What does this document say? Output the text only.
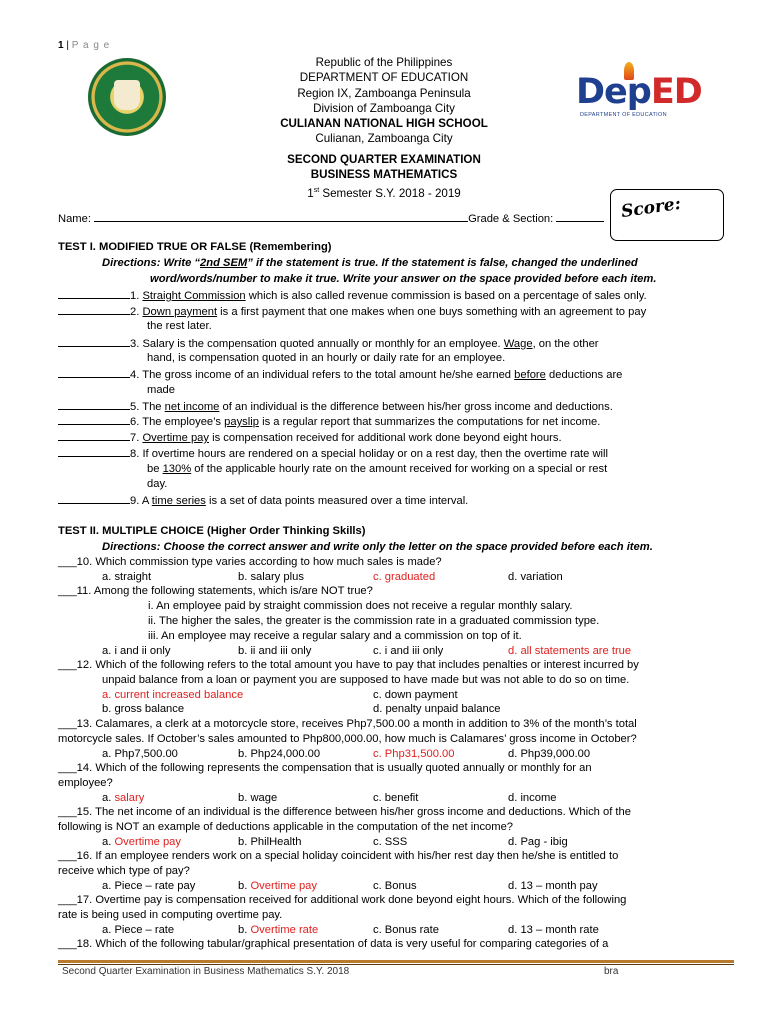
1 | P a g e
DepED
DEPARTMENT OF EDUCATION
Republic of the Philippines
DEPARTMENT OF EDUCATION
Region IX, Zamboanga Peninsula
Division of Zamboanga City
CULIANAN NATIONAL HIGH SCHOOL
Culianan, Zamboanga City
SECOND QUARTER EXAMINATION
BUSINESS MATHEMATICS
1st Semester S.Y. 2018 - 2019
Score:
Name:	Grade & Section:
TEST I. MODIFIED TRUE OR FALSE (Remembering)
Directions: Write “2nd SEM” if the statement is true. If the statement is false, changed the underlined
word/words/number to make it true. Write your answer on the space provided before each item.
1. Straight Commission which is also called revenue commission is based on a percentage of sales only.
2. Down payment is a first payment that one makes when one buys something with an agreement to pay
the rest later.
3. Salary is the compensation quoted annually or monthly for an employee. Wage, on the other
hand, is compensation quoted in an hourly or daily rate for an employee.
4. The gross income of an individual refers to the total amount he/she earned before deductions are
made
5. The net income of an individual is the difference between his/her gross income and deductions.
6. The employee’s payslip is a regular report that summarizes the computations for net income.
7. Overtime pay is compensation received for additional work done beyond eight hours.
8. If overtime hours are rendered on a special holiday or on a rest day, then the overtime rate will
be 130% of the applicable hourly rate on the amount received for working on a special or rest
day.
9. A time series is a set of data points measured over a time interval.
TEST II. MULTIPLE CHOICE (Higher Order Thinking Skills)
Directions: Choose the correct answer and write only the letter on the space provided before each item.
___10. Which commission type varies according to how much sales is made?
a. straight	b. salary plus	c. graduated	d. variation
___11. Among the following statements, which is/are NOT true?
i. An employee paid by straight commission does not receive a regular monthly salary.
ii. The higher the sales, the greater is the commission rate in a graduated commission type.
iii. An employee may receive a regular salary and a commission on top of it.
a. i and ii only	b. ii and iii only	c. i and iii only	d. all statements are true
___12. Which of the following refers to the total amount you have to pay that includes penalties or interest incurred by
unpaid balance from a loan or payment you are supposed to have made but was not able to do so on time.
a. current increased balance	c. down payment
b. gross balance	d. penalty unpaid balance
___13. Calamares, a clerk at a motorcycle store, receives Php7,500.00 a month in addition to 3% of the month’s total
motorcycle sales. If October’s sales amounted to Php800,000.00, how much is Calamares’ gross income in October?
a. Php7,500.00	b. Php24,000.00	c. Php31,500.00	d. Php39,000.00
___14. Which of the following represents the compensation that is usually quoted annually or monthly for an
employee?
a. salary	b. wage	c. benefit	d. income
___15. The net income of an individual is the difference between his/her gross income and deductions. Which of the
following is NOT an example of deductions applicable in the computation of the net income?
a. Overtime pay	b. PhilHealth	c. SSS	d. Pag - ibig
___16. If an employee renders work on a special holiday coincident with his/her rest day then he/she is entitled to
receive which type of pay?
a. Piece – rate pay	b. Overtime pay	c. Bonus	d. 13 – month pay
___17. Overtime pay is compensation received for additional work done beyond eight hours. Which of the following
rate is being used in computing overtime pay.
a. Piece – rate	b. Overtime rate	c. Bonus rate	d. 13 – month rate
___18. Which of the following tabular/graphical presentation of data is very useful for comparing categories of a
Second Quarter Examination in Business Mathematics S.Y. 2018	bra
